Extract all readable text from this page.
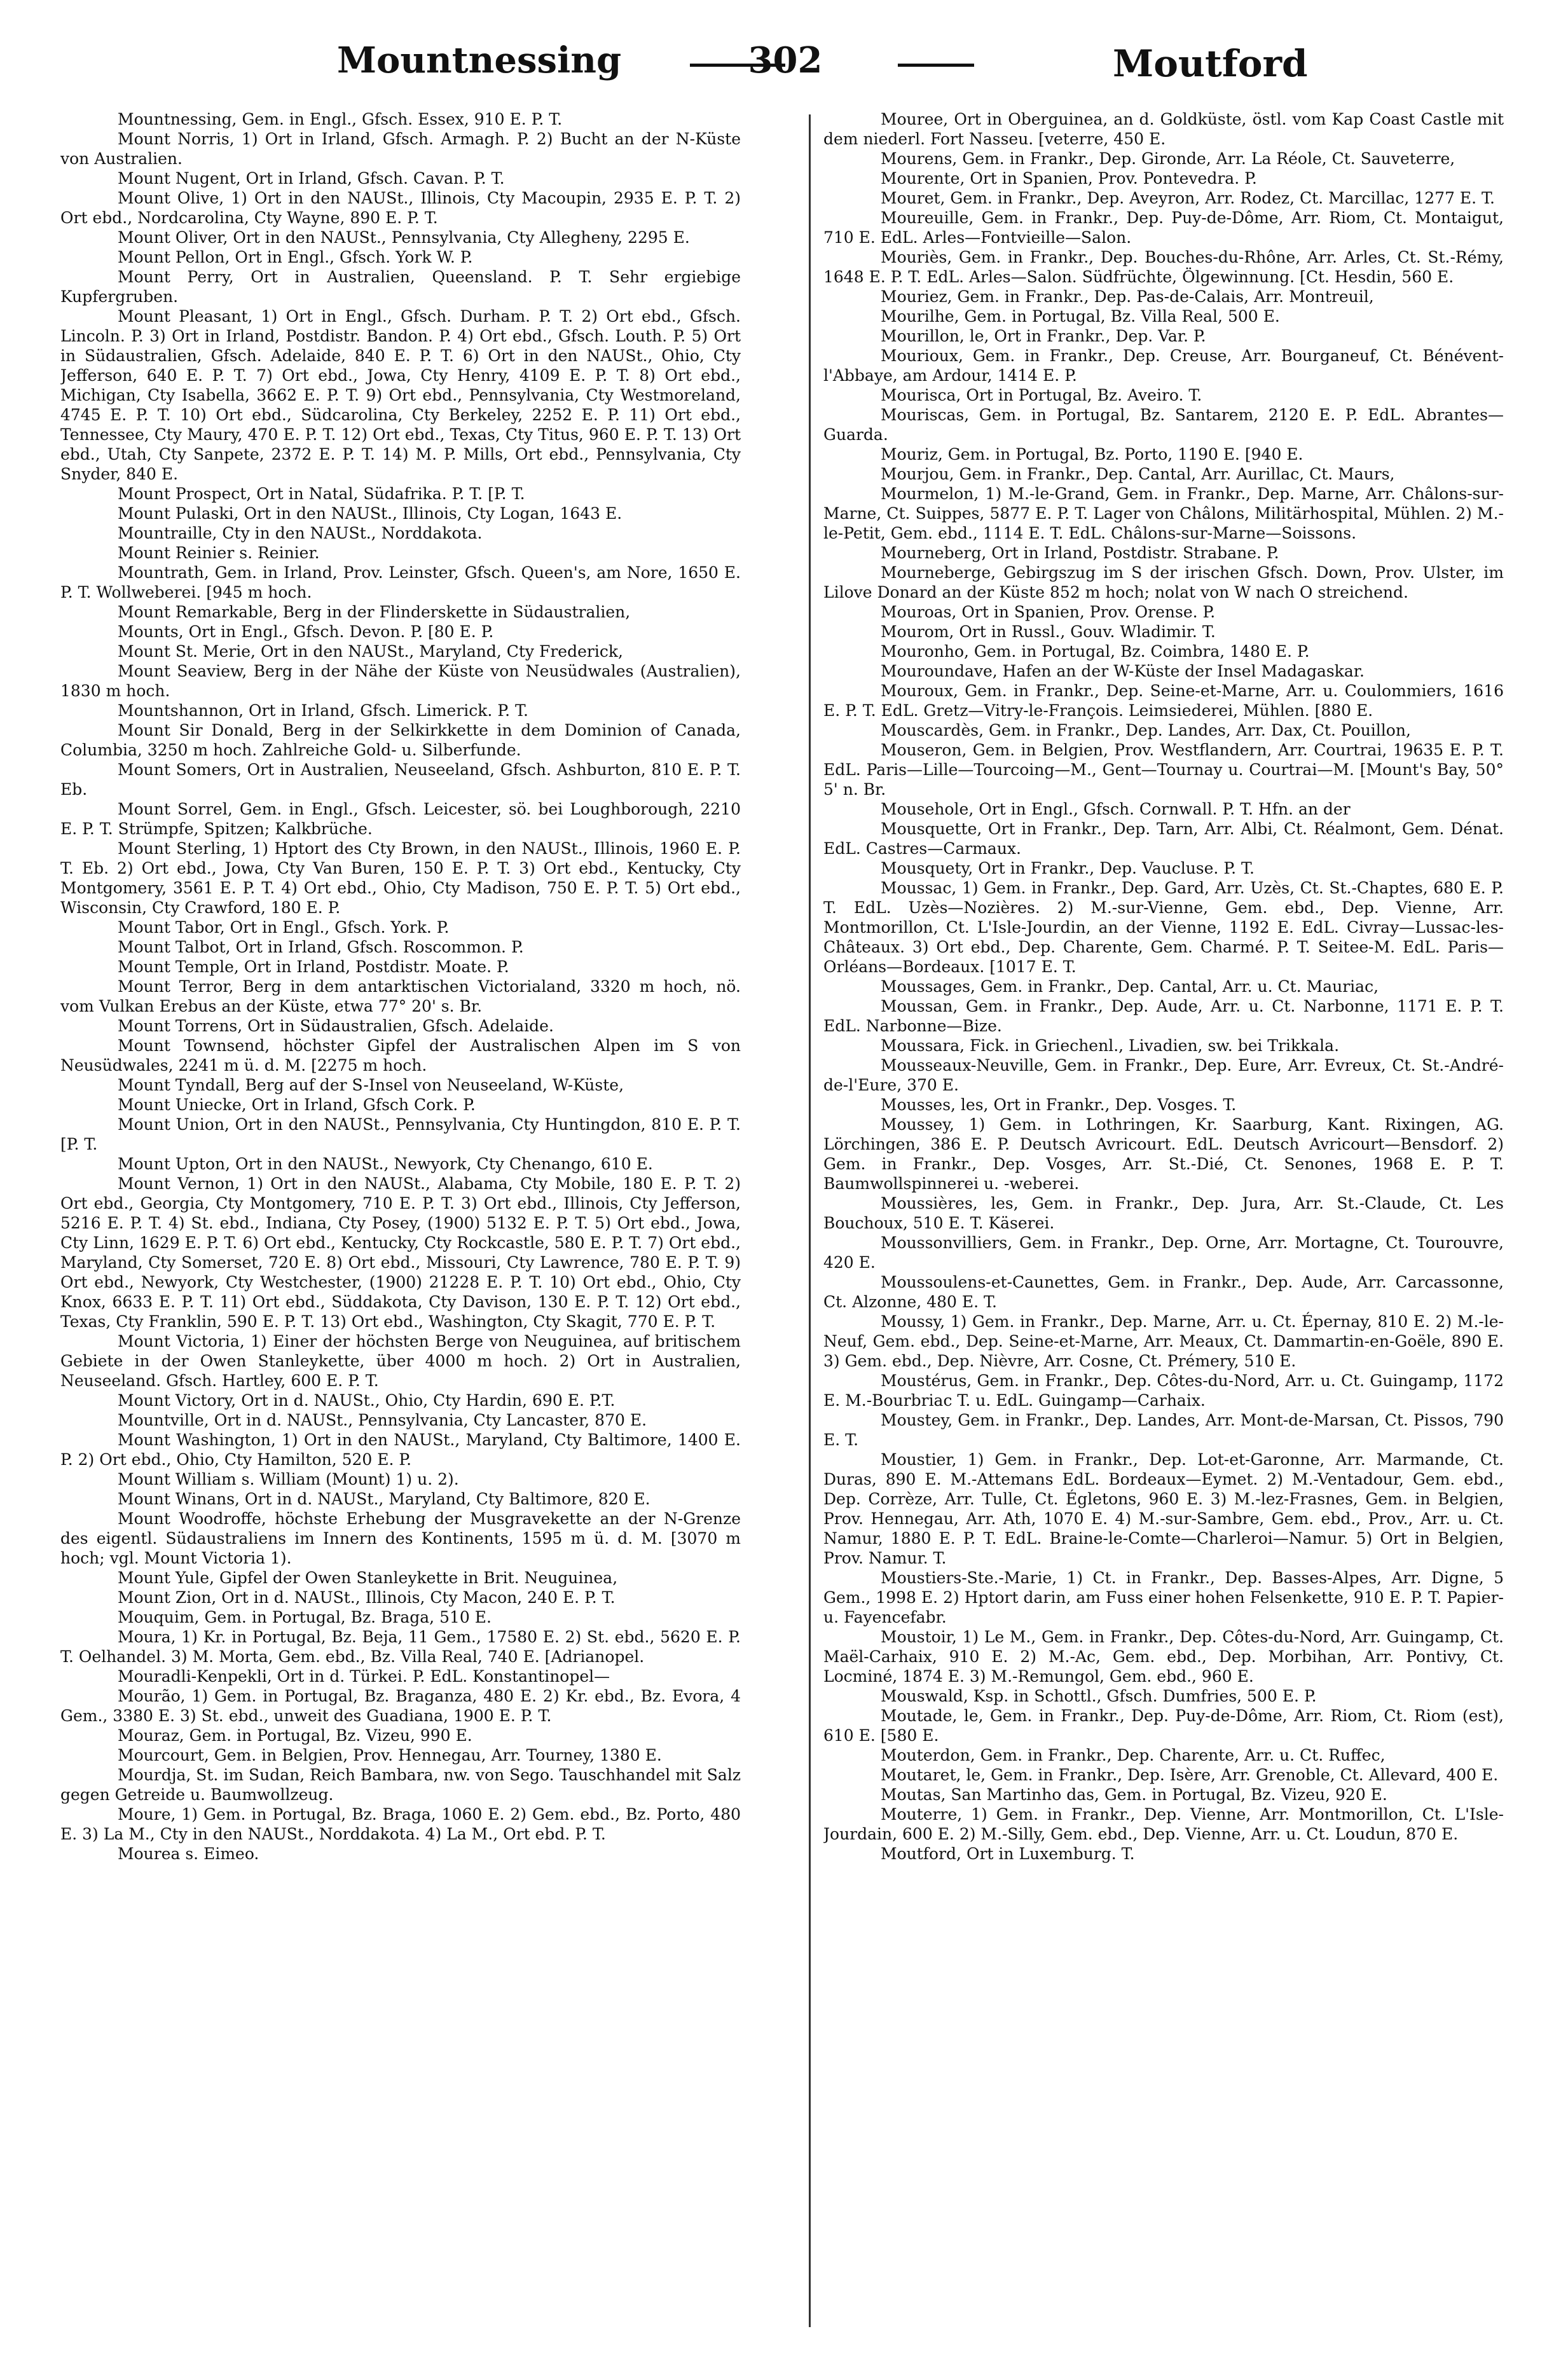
Mountnessing	302	Moutford

Mountnessing, Gem. in Engl., Gfsch. Essex, 910 E. P. T.

Mount Norris, 1) Ort in Irland, Gfsch. Armagh. P. 2) Bucht an der N-Küste von Australien.

Mount Nugent, Ort in Irland, Gfsch. Cavan. P. T.

Mount Olive, 1) Ort in den NAUSt., Illinois, Cty Macoupin, 2935 E. P. T. 2) Ort ebd., Nordcarolina, Cty Wayne, 890 E. P. T.

Mount Oliver, Ort in den NAUSt., Pennsylvania, Cty Allegheny, 2295 E.

Mount Pellon, Ort in Engl., Gfsch. York W. P.

Mount Perry, Ort in Australien, Queensland. P. T. Sehr ergiebige Kupfergruben.

Mount Pleasant, 1) Ort in Engl., Gfsch. Durham. P. T. 2) Ort ebd., Gfsch. Lincoln. P. 3) Ort in Irland, Postdistr. Bandon. P. 4) Ort ebd., Gfsch. Louth. P. 5) Ort in Südaustralien, Gfsch. Adelaide, 840 E. P. T. 6) Ort in den NAUSt., Ohio, Cty Jefferson, 640 E. P. T. 7) Ort ebd., Jowa, Cty Henry, 4109 E. P. T. 8) Ort ebd., Michigan, Cty Isabella, 3662 E. P. T. 9) Ort ebd., Pennsylvania, Cty Westmoreland, 4745 E. P. T. 10) Ort ebd., Südcarolina, Cty Berkeley, 2252 E. P. 11) Ort ebd., Tennessee, Cty Maury, 470 E. P. T. 12) Ort ebd., Texas, Cty Titus, 960 E. P. T. 13) Ort ebd., Utah, Cty Sanpete, 2372 E. P. T. 14) M. P. Mills, Ort ebd., Pennsylvania, Cty Snyder, 840 E.

Mount Prospect, Ort in Natal, Südafrika. P. T. [P. T.

Mount Pulaski, Ort in den NAUSt., Illinois, Cty Logan, 1643 E.

Mountraille, Cty in den NAUSt., Norddakota.

Mount Reinier s. Reinier.

Mountrath, Gem. in Irland, Prov. Leinster, Gfsch. Queen's, am Nore, 1650 E. P. T. Wollweberei. [945 m hoch.

Mount Remarkable, Berg in der Flinderskette in Südaustralien,

Mounts, Ort in Engl., Gfsch. Devon. P. [80 E. P.

Mount St. Merie, Ort in den NAUSt., Maryland, Cty Frederick,

Mount Seaview, Berg in der Nähe der Küste von Neusüdwales (Australien), 1830 m hoch.

Mountshannon, Ort in Irland, Gfsch. Limerick. P. T.

Mount Sir Donald, Berg in der Selkirkkette in dem Dominion of Canada, Columbia, 3250 m hoch. Zahlreiche Gold- u. Silberfunde.

Mount Somers, Ort in Australien, Neuseeland, Gfsch. Ashburton, 810 E. P. T. Eb.

Mount Sorrel, Gem. in Engl., Gfsch. Leicester, sö. bei Loughborough, 2210 E. P. T. Strümpfe, Spitzen; Kalkbrüche.

Mount Sterling, 1) Hptort des Cty Brown, in den NAUSt., Illinois, 1960 E. P. T. Eb. 2) Ort ebd., Jowa, Cty Van Buren, 150 E. P. T. 3) Ort ebd., Kentucky, Cty Montgomery, 3561 E. P. T. 4) Ort ebd., Ohio, Cty Madison, 750 E. P. T. 5) Ort ebd., Wisconsin, Cty Crawford, 180 E. P.

Mount Tabor, Ort in Engl., Gfsch. York. P.

Mount Talbot, Ort in Irland, Gfsch. Roscommon. P.

Mount Temple, Ort in Irland, Postdistr. Moate. P.

Mount Terror, Berg in dem antarktischen Victorialand, 3320 m hoch, nö. vom Vulkan Erebus an der Küste, etwa 77° 20' s. Br.

Mount Torrens, Ort in Südaustralien, Gfsch. Adelaide.

Mount Townsend, höchster Gipfel der Australischen Alpen im S von Neusüdwales, 2241 m ü. d. M. [2275 m hoch.

Mount Tyndall, Berg auf der S-Insel von Neuseeland, W-Küste,

Mount Uniecke, Ort in Irland, Gfsch Cork. P.

Mount Union, Ort in den NAUSt., Pennsylvania, Cty Huntingdon, 810 E. P. T. [P. T.

Mount Upton, Ort in den NAUSt., Newyork, Cty Chenango, 610 E.

Mount Vernon, 1) Ort in den NAUSt., Alabama, Cty Mobile, 180 E. P. T. 2) Ort ebd., Georgia, Cty Montgomery, 710 E. P. T. 3) Ort ebd., Illinois, Cty Jefferson, 5216 E. P. T. 4) St. ebd., Indiana, Cty Posey, (1900) 5132 E. P. T. 5) Ort ebd., Jowa, Cty Linn, 1629 E. P. T. 6) Ort ebd., Kentucky, Cty Rockcastle, 580 E. P. T. 7) Ort ebd., Maryland, Cty Somerset, 720 E. 8) Ort ebd., Missouri, Cty Lawrence, 780 E. P. T. 9) Ort ebd., Newyork, Cty Westchester, (1900) 21228 E. P. T. 10) Ort ebd., Ohio, Cty Knox, 6633 E. P. T. 11) Ort ebd., Süddakota, Cty Davison, 130 E. P. T. 12) Ort ebd., Texas, Cty Franklin, 590 E. P. T. 13) Ort ebd., Washington, Cty Skagit, 770 E. P. T.

Mount Victoria, 1) Einer der höchsten Berge von Neuguinea, auf britischem Gebiete in der Owen Stanleykette, über 4000 m hoch. 2) Ort in Australien, Neuseeland. Gfsch. Hartley, 600 E. P. T.

Mount Victory, Ort in d. NAUSt., Ohio, Cty Hardin, 690 E. P.T.

Mountville, Ort in d. NAUSt., Pennsylvania, Cty Lancaster, 870 E.

Mount Washington, 1) Ort in den NAUSt., Maryland, Cty Baltimore, 1400 E. P. 2) Ort ebd., Ohio, Cty Hamilton, 520 E. P.

Mount William s. William (Mount) 1) u. 2).

Mount Winans, Ort in d. NAUSt., Maryland, Cty Baltimore, 820 E.

Mount Woodroffe, höchste Erhebung der Musgravekette an der N-Grenze des eigentl. Südaustraliens im Innern des Kontinents, 1595 m ü. d. M. [3070 m hoch; vgl. Mount Victoria 1).

Mount Yule, Gipfel der Owen Stanleykette in Brit. Neuguinea,

Mount Zion, Ort in d. NAUSt., Illinois, Cty Macon, 240 E. P. T.

Mouquim, Gem. in Portugal, Bz. Braga, 510 E.

Moura, 1) Kr. in Portugal, Bz. Beja, 11 Gem., 17580 E. 2) St. ebd., 5620 E. P. T. Oelhandel. 3) M. Morta, Gem. ebd., Bz. Villa Real, 740 E. [Adrianopel.

Mouradli-Kenpekli, Ort in d. Türkei. P. EdL. Konstantinopel—

Mourão, 1) Gem. in Portugal, Bz. Braganza, 480 E. 2) Kr. ebd., Bz. Evora, 4 Gem., 3380 E. 3) St. ebd., unweit des Guadiana, 1900 E. P. T.

Mouraz, Gem. in Portugal, Bz. Vizeu, 990 E.

Mourcourt, Gem. in Belgien, Prov. Hennegau, Arr. Tourney, 1380 E.

Mourdja, St. im Sudan, Reich Bambara, nw. von Sego. Tauschhandel mit Salz gegen Getreide u. Baumwollzeug.

Moure, 1) Gem. in Portugal, Bz. Braga, 1060 E. 2) Gem. ebd., Bz. Porto, 480 E. 3) La M., Cty in den NAUSt., Norddakota. 4) La M., Ort ebd. P. T.

Mourea s. Eimeo.

Mouree, Ort in Oberguinea, an d. Goldküste, östl. vom Kap Coast Castle mit dem niederl. Fort Nasseu. [veterre, 450 E.

Mourens, Gem. in Frankr., Dep. Gironde, Arr. La Réole, Ct. Sauveterre,

Mourente, Ort in Spanien, Prov. Pontevedra. P.

Mouret, Gem. in Frankr., Dep. Aveyron, Arr. Rodez, Ct. Marcillac, 1277 E. T.

Moureuille, Gem. in Frankr., Dep. Puy-de-Dôme, Arr. Riom, Ct. Montaigut, 710 E. EdL. Arles—Fontvieille—Salon.

Mouriès, Gem. in Frankr., Dep. Bouches-du-Rhône, Arr. Arles, Ct. St.-Rémy, 1648 E. P. T. EdL. Arles—Salon. Südfrüchte, Ölgewinnung. [Ct. Hesdin, 560 E.

Mouriez, Gem. in Frankr., Dep. Pas-de-Calais, Arr. Montreuil,

Mourilhe, Gem. in Portugal, Bz. Villa Real, 500 E.

Mourillon, le, Ort in Frankr., Dep. Var. P.

Mourioux, Gem. in Frankr., Dep. Creuse, Arr. Bourganeuf, Ct. Bénévent-l'Abbaye, am Ardour, 1414 E. P.

Mourisca, Ort in Portugal, Bz. Aveiro. T.

Mouriscas, Gem. in Portugal, Bz. Santarem, 2120 E. P. EdL. Abrantes—Guarda.

Mouriz, Gem. in Portugal, Bz. Porto, 1190 E. [940 E.

Mourjou, Gem. in Frankr., Dep. Cantal, Arr. Aurillac, Ct. Maurs,

Mourmelon, 1) M.-le-Grand, Gem. in Frankr., Dep. Marne, Arr. Châlons-sur-Marne, Ct. Suippes, 5877 E. P. T. Lager von Châlons, Militärhospital, Mühlen. 2) M.-le-Petit, Gem. ebd., 1114 E. T. EdL. Châlons-sur-Marne—Soissons.

Mourneberg, Ort in Irland, Postdistr. Strabane. P.

Mourneberge, Gebirgszug im S der irischen Gfsch. Down, Prov. Ulster, im Lilove Donard an der Küste 852 m hoch; nolat von W nach O streichend.

Mouroas, Ort in Spanien, Prov. Orense. P.

Mourom, Ort in Russl., Gouv. Wladimir. T.

Mouronho, Gem. in Portugal, Bz. Coimbra, 1480 E. P.

Mouroundave, Hafen an der W-Küste der Insel Madagaskar.

Mouroux, Gem. in Frankr., Dep. Seine-et-Marne, Arr. u. Coulommiers, 1616 E. P. T. EdL. Gretz—Vitry-le-François. Leimsiederei, Mühlen. [880 E.

Mouscardès, Gem. in Frankr., Dep. Landes, Arr. Dax, Ct. Pouillon,

Mouseron, Gem. in Belgien, Prov. Westflandern, Arr. Courtrai, 19635 E. P. T. EdL. Paris—Lille—Tourcoing—M., Gent—Tournay u. Courtrai—M. [Mount's Bay, 50° 5' n. Br.

Mousehole, Ort in Engl., Gfsch. Cornwall. P. T. Hfn. an der

Mousquette, Ort in Frankr., Dep. Tarn, Arr. Albi, Ct. Réalmont, Gem. Dénat. EdL. Castres—Carmaux.

Mousquety, Ort in Frankr., Dep. Vaucluse. P. T.

Moussac, 1) Gem. in Frankr., Dep. Gard, Arr. Uzès, Ct. St.-Chaptes, 680 E. P. T. EdL. Uzès—Nozières. 2) M.-sur-Vienne, Gem. ebd., Dep. Vienne, Arr. Montmorillon, Ct. L'Isle-Jourdin, an der Vienne, 1192 E. EdL. Civray—Lussac-les-Châteaux. 3) Ort ebd., Dep. Charente, Gem. Charmé. P. T. Seitee-M. EdL. Paris—Orléans—Bordeaux. [1017 E. T.

Moussages, Gem. in Frankr., Dep. Cantal, Arr. u. Ct. Mauriac,

Moussan, Gem. in Frankr., Dep. Aude, Arr. u. Ct. Narbonne, 1171 E. P. T. EdL. Narbonne—Bize.

Moussara, Fick. in Griechenl., Livadien, sw. bei Trikkala.

Mousseaux-Neuville, Gem. in Frankr., Dep. Eure, Arr. Evreux, Ct. St.-André-de-l'Eure, 370 E.

Mousses, les, Ort in Frankr., Dep. Vosges. T.

Moussey, 1) Gem. in Lothringen, Kr. Saarburg, Kant. Rixingen, AG. Lörchingen, 386 E. P. Deutsch Avricourt. EdL. Deutsch Avricourt—Bensdorf. 2) Gem. in Frankr., Dep. Vosges, Arr. St.-Dié, Ct. Senones, 1968 E. P. T. Baumwollspinnerei u. -weberei.

Moussières, les, Gem. in Frankr., Dep. Jura, Arr. St.-Claude, Ct. Les Bouchoux, 510 E. T. Käserei.

Moussonvilliers, Gem. in Frankr., Dep. Orne, Arr. Mortagne, Ct. Tourouvre, 420 E.

Moussoulens-et-Caunettes, Gem. in Frankr., Dep. Aude, Arr. Carcassonne, Ct. Alzonne, 480 E. T.

Moussy, 1) Gem. in Frankr., Dep. Marne, Arr. u. Ct. Épernay, 810 E. 2) M.-le-Neuf, Gem. ebd., Dep. Seine-et-Marne, Arr. Meaux, Ct. Dammartin-en-Goële, 890 E. 3) Gem. ebd., Dep. Nièvre, Arr. Cosne, Ct. Prémery, 510 E.

Moustérus, Gem. in Frankr., Dep. Côtes-du-Nord, Arr. u. Ct. Guingamp, 1172 E. M.-Bourbriac T. u. EdL. Guingamp—Carhaix.

Moustey, Gem. in Frankr., Dep. Landes, Arr. Mont-de-Marsan, Ct. Pissos, 790 E. T.

Moustier, 1) Gem. in Frankr., Dep. Lot-et-Garonne, Arr. Marmande, Ct. Duras, 890 E. M.-Attemans EdL. Bordeaux—Eymet. 2) M.-Ventadour, Gem. ebd., Dep. Corrèze, Arr. Tulle, Ct. Égletons, 960 E. 3) M.-lez-Frasnes, Gem. in Belgien, Prov. Hennegau, Arr. Ath, 1070 E. 4) M.-sur-Sambre, Gem. ebd., Prov., Arr. u. Ct. Namur, 1880 E. P. T. EdL. Braine-le-Comte—Charleroi—Namur. 5) Ort in Belgien, Prov. Namur. T.

Moustiers-Ste.-Marie, 1) Ct. in Frankr., Dep. Basses-Alpes, Arr. Digne, 5 Gem., 1998 E. 2) Hptort darin, am Fuss einer hohen Felsenkette, 910 E. P. T. Papier- u. Fayencefabr.

Moustoir, 1) Le M., Gem. in Frankr., Dep. Côtes-du-Nord, Arr. Guingamp, Ct. Maël-Carhaix, 910 E. 2) M.-Ac, Gem. ebd., Dep. Morbihan, Arr. Pontivy, Ct. Locminé, 1874 E. 3) M.-Remungol, Gem. ebd., 960 E.

Mouswald, Ksp. in Schottl., Gfsch. Dumfries, 500 E. P.

Moutade, le, Gem. in Frankr., Dep. Puy-de-Dôme, Arr. Riom, Ct. Riom (est), 610 E. [580 E.

Mouterdon, Gem. in Frankr., Dep. Charente, Arr. u. Ct. Ruffec,

Moutaret, le, Gem. in Frankr., Dep. Isère, Arr. Grenoble, Ct. Allevard, 400 E.

Moutas, San Martinho das, Gem. in Portugal, Bz. Vizeu, 920 E.

Mouterre, 1) Gem. in Frankr., Dep. Vienne, Arr. Montmorillon, Ct. L'Isle-Jourdain, 600 E. 2) M.-Silly, Gem. ebd., Dep. Vienne, Arr. u. Ct. Loudun, 870 E.

Moutford, Ort in Luxemburg. T.
